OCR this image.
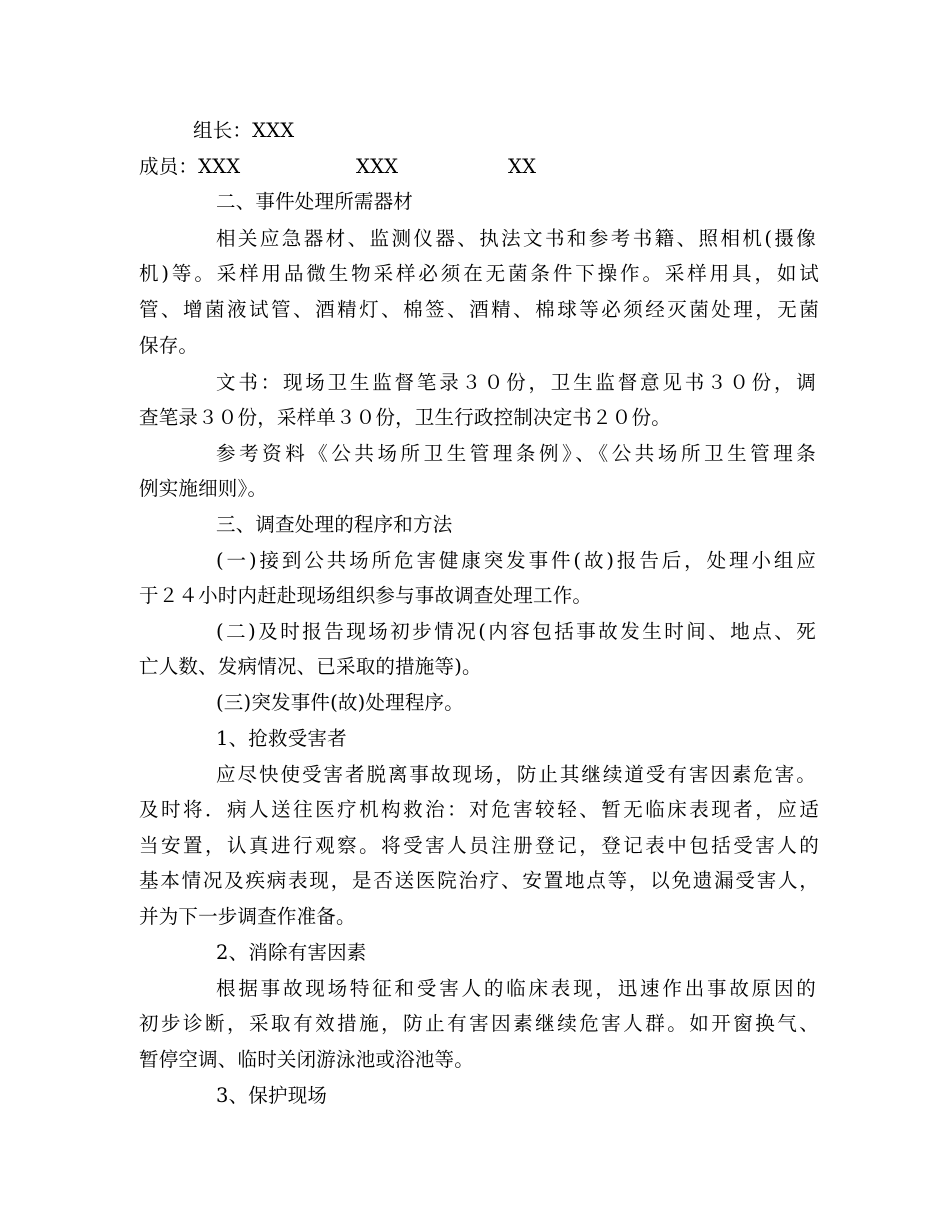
组长：XXX
成员：XXX	XXX	XX
二、事件处理所需器材
相关应急器材、监测仪器、执法文书和参考书籍、照相机(摄像
机)等。采样用品微生物采样必须在无菌条件下操作。采样用具，如试
管、增菌液试管、酒精灯、棉签、酒精、棉球等必须经灭菌处理，无菌
保存。
文书：现场卫生监督笔录３０份，卫生监督意见书３０份，调
查笔录３０份，采样单３０份，卫生行政控制决定书２０份。
参考资料《公共场所卫生管理条例》、《公共场所卫生管理条
例实施细则》。
三、调查处理的程序和方法
(一)接到公共场所危害健康突发事件(故)报告后，处理小组应
于２４小时内赶赴现场组织参与事故调查处理工作。
(二)及时报告现场初步情况(内容包括事故发生时间、地点、死
亡人数、发病情况、已采取的措施等)。
(三)突发事件(故)处理程序。
1、抢救受害者
应尽快使受害者脱离事故现场，防止其继续道受有害因素危害。
及时将．病人送往医疗机构救治：对危害较轻、暂无临床表现者，应适
当安置，认真进行观察。将受害人员注册登记，登记表中包括受害人的
基本情况及疾病表现，是否送医院治疗、安置地点等，以免遗漏受害人，
并为下一步调查作准备。
2、消除有害因素
根据事故现场特征和受害人的临床表现，迅速作出事故原因的
初步诊断，采取有效措施，防止有害因素继续危害人群。如开窗换气、
暂停空调、临时关闭游泳池或浴池等。
3、保护现场
